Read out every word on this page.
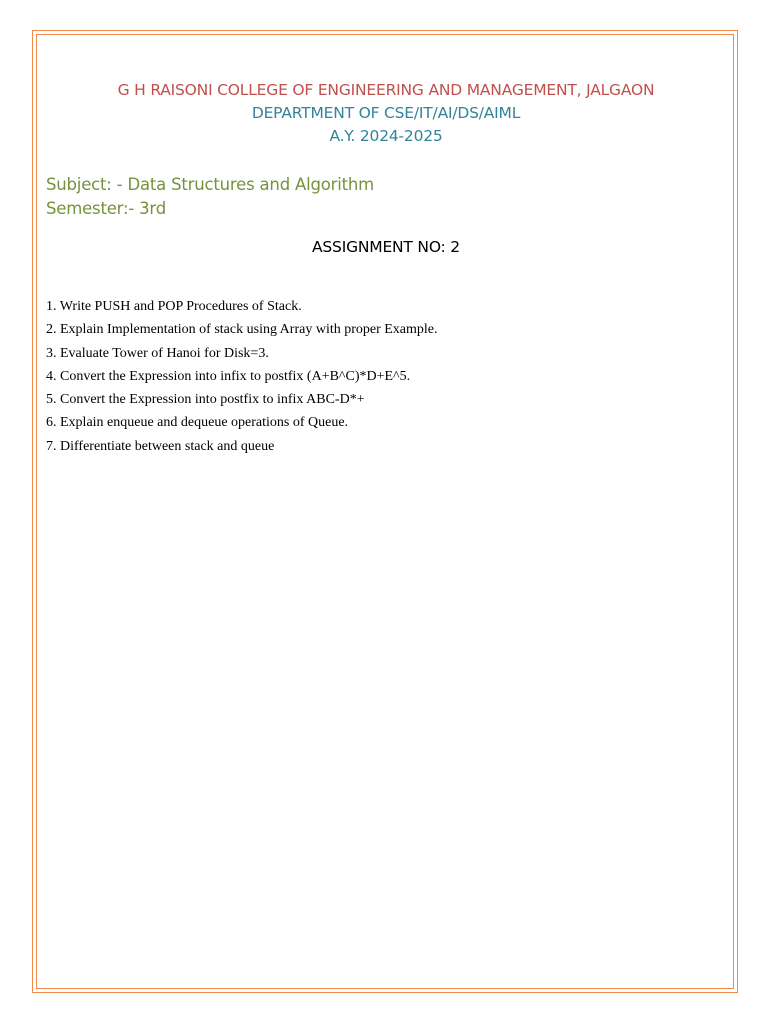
G H RAISONI COLLEGE OF ENGINEERING AND MANAGEMENT, JALGAON
DEPARTMENT OF CSE/IT/AI/DS/AIML
A.Y. 2024-2025
Subject: - Data Structures and Algorithm
Semester:- 3rd
ASSIGNMENT NO: 2
1. Write PUSH and POP Procedures of Stack.
2. Explain Implementation of stack using Array with proper Example.
3. Evaluate Tower of Hanoi for Disk=3.
4. Convert the Expression into infix to postfix (A+B^C)*D+E^5.
5. Convert the Expression into postfix to infix ABC-D*+
6. Explain enqueue and dequeue operations of Queue.
7. Differentiate between stack and queue
